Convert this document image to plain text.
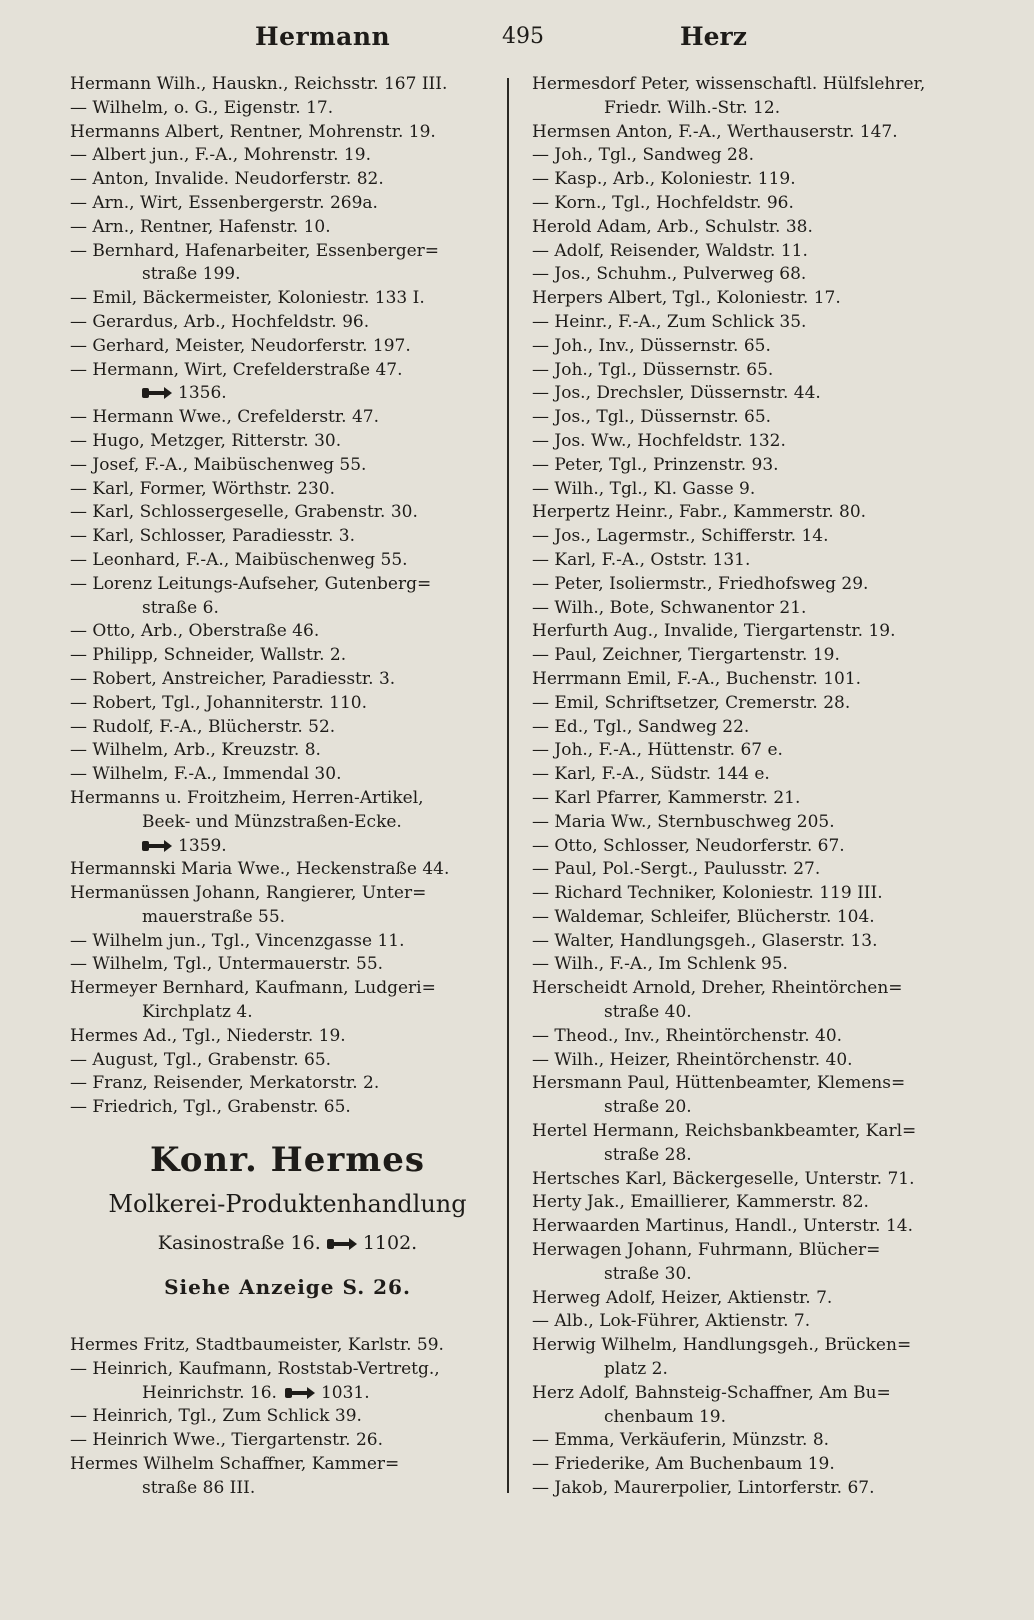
Hermann	495	Herz
Hermann Wilh., Hauskn., Reichsstr. 167 III.
— Wilhelm, o. G., Eigenstr. 17.
Hermanns Albert, Rentner, Mohrenstr. 19.
— Albert jun., F.-A., Mohrenstr. 19.
— Anton, Invalide. Neudorferstr. 82.
— Arn., Wirt, Essenbergerstr. 269a.
— Arn., Rentner, Hafenstr. 10.
— Bernhard, Hafenarbeiter, Essenberger=
straße 199.
— Emil, Bäckermeister, Koloniestr. 133 I.
— Gerardus, Arb., Hochfeldstr. 96.
— Gerhard, Meister, Neudorferstr. 197.
— Hermann, Wirt, Crefelderstraße 47.
1356.
— Hermann Wwe., Crefelderstr. 47.
— Hugo, Metzger, Ritterstr. 30.
— Josef, F.-A., Maibüschenweg 55.
— Karl, Former, Wörthstr. 230.
— Karl, Schlossergeselle, Grabenstr. 30.
— Karl, Schlosser, Paradiesstr. 3.
— Leonhard, F.-A., Maibüschenweg 55.
— Lorenz Leitungs-Aufseher, Gutenberg=
straße 6.
— Otto, Arb., Oberstraße 46.
— Philipp, Schneider, Wallstr. 2.
— Robert, Anstreicher, Paradiesstr. 3.
— Robert, Tgl., Johanniterstr. 110.
— Rudolf, F.-A., Blücherstr. 52.
— Wilhelm, Arb., Kreuzstr. 8.
— Wilhelm, F.-A., Immendal 30.
Hermanns u. Froitzheim, Herren-Artikel,
Beek- und Münzstraßen-Ecke.
1359.
Hermannski Maria Wwe., Heckenstraße 44.
Hermanüssen Johann, Rangierer, Unter=
mauerstraße 55.
— Wilhelm jun., Tgl., Vincenzgasse 11.
— Wilhelm, Tgl., Untermauerstr. 55.
Hermeyer Bernhard, Kaufmann, Ludgeri=
Kirchplatz 4.
Hermes Ad., Tgl., Niederstr. 19.
— August, Tgl., Grabenstr. 65.
— Franz, Reisender, Merkatorstr. 2.
— Friedrich, Tgl., Grabenstr. 65.
Konr. Hermes
Molkerei-Produktenhandlung
Kasinostraße 16. 1102.
Siehe Anzeige S. 26.
Hermes Fritz, Stadtbaumeister, Karlstr. 59.
— Heinrich, Kaufmann, Roststab-Vertretg.,
Heinrichstr. 16.	1031.
— Heinrich, Tgl., Zum Schlick 39.
— Heinrich Wwe., Tiergartenstr. 26.
Hermes Wilhelm Schaffner, Kammer=
straße 86 III.
Hermesdorf Peter, wissenschaftl. Hülfslehrer,
Friedr. Wilh.-Str. 12.
Hermsen Anton, F.-A., Werthauserstr. 147.
— Joh., Tgl., Sandweg 28.
— Kasp., Arb., Koloniestr. 119.
— Korn., Tgl., Hochfeldstr. 96.
Herold Adam, Arb., Schulstr. 38.
— Adolf, Reisender, Waldstr. 11.
— Jos., Schuhm., Pulverweg 68.
Herpers Albert, Tgl., Koloniestr. 17.
— Heinr., F.-A., Zum Schlick 35.
— Joh., Inv., Düssernstr. 65.
— Joh., Tgl., Düssernstr. 65.
— Jos., Drechsler, Düssernstr. 44.
— Jos., Tgl., Düssernstr. 65.
— Jos. Ww., Hochfeldstr. 132.
— Peter, Tgl., Prinzenstr. 93.
— Wilh., Tgl., Kl. Gasse 9.
Herpertz Heinr., Fabr., Kammerstr. 80.
— Jos., Lagermstr., Schifferstr. 14.
— Karl, F.-A., Oststr. 131.
— Peter, Isoliermstr., Friedhofsweg 29.
— Wilh., Bote, Schwanentor 21.
Herfurth Aug., Invalide, Tiergartenstr. 19.
— Paul, Zeichner, Tiergartenstr. 19.
Herrmann Emil, F.-A., Buchenstr. 101.
— Emil, Schriftsetzer, Cremerstr. 28.
— Ed., Tgl., Sandweg 22.
— Joh., F.-A., Hüttenstr. 67 e.
— Karl, F.-A., Südstr. 144 e.
— Karl Pfarrer, Kammerstr. 21.
— Maria Ww., Sternbuschweg 205.
— Otto, Schlosser, Neudorferstr. 67.
— Paul, Pol.-Sergt., Paulusstr. 27.
— Richard Techniker, Koloniestr. 119 III.
— Waldemar, Schleifer, Blücherstr. 104.
— Walter, Handlungsgeh., Glaserstr. 13.
— Wilh., F.-A., Im Schlenk 95.
Herscheidt Arnold, Dreher, Rheintörchen=
straße 40.
— Theod., Inv., Rheintörchenstr. 40.
— Wilh., Heizer, Rheintörchenstr. 40.
Hersmann Paul, Hüttenbeamter, Klemens=
straße 20.
Hertel Hermann, Reichsbankbeamter, Karl=
straße 28.
Hertsches Karl, Bäckergeselle, Unterstr. 71.
Herty Jak., Emaillierer, Kammerstr. 82.
Herwaarden Martinus, Handl., Unterstr. 14.
Herwagen Johann, Fuhrmann, Blücher=
straße 30.
Herweg Adolf, Heizer, Aktienstr. 7.
— Alb., Lok-Führer, Aktienstr. 7.
Herwig Wilhelm, Handlungsgeh., Brücken=
platz 2.
Herz Adolf, Bahnsteig-Schaffner, Am Bu=
chenbaum 19.
— Emma, Verkäuferin, Münzstr. 8.
— Friederike, Am Buchenbaum 19.
— Jakob, Maurerpolier, Lintorferstr. 67.
